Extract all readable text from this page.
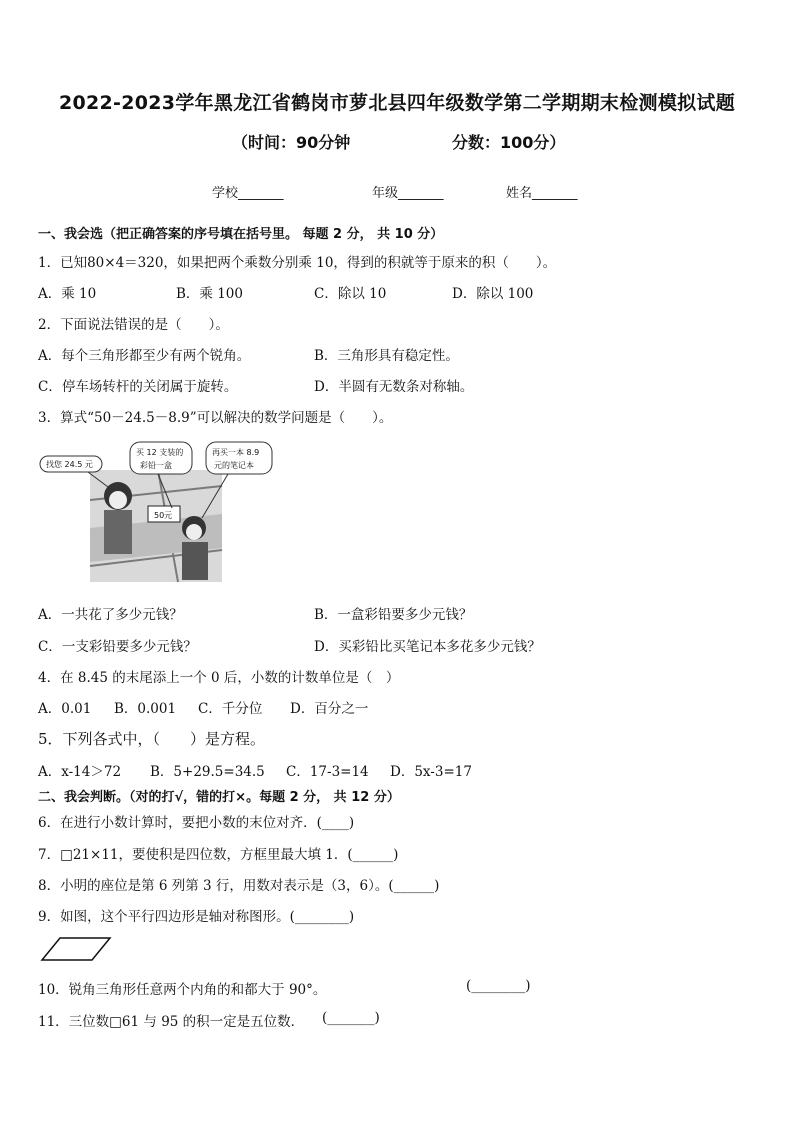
2022-2023学年黑龙江省鹤岗市萝北县四年级数学第二学期期末检测模拟试题
（时间：90分钟	分数：100分）
学校_______	年级_______	姓名_______
一、我会选（把正确答案的序号填在括号里。 每题 2 分， 共 10 分）
1．已知80×4＝320，如果把两个乘数分别乘 10，得到的积就等于原来的积（　　）。
A．乘 10	B．乘 100	C．除以 10	D．除以 100
2．下面说法错误的是（　　）。
A．每个三角形都至少有两个锐角。	B．三角形具有稳定性。
C．停车场转杆的关闭属于旋转。	D．半圆有无数条对称轴。
3．算式“50－24.5－8.9”可以解决的数学问题是（　　）。
找您 24.5 元
买 12 支装的
彩铅一盒
再买一本 8.9
元的笔记本
50元
A．一共花了多少元钱？	B．一盒彩铅要多少元钱？
C．一支彩铅要多少元钱？	D．买彩铅比买笔记本多花多少元钱？
4．在 8.45 的末尾添上一个 0 后，小数的计数单位是（　）
A．0.01 B．0.001 C．千分位 D．百分之一
5．下列各式中，（　　）是方程。
A．x-14＞72 B．5+29.5=34.5 C．17-3=14 D．5x-3=17
二、我会判断。（对的打√，错的打×。每题 2 分， 共 12 分）
6．在进行小数计算时，要把小数的末位对齐．(____)
7．□21×11，要使积是四位数，方框里最大填 1．(______)
8．小明的座位是第 6 列第 3 行，用数对表示是（3，6）。(______)
9．如图，这个平行四边形是轴对称图形。(________)
10．锐角三角形任意两个内角的和都大于 90°。	(________)
11．三位数□61 与 95 的积一定是五位数． (_______)
